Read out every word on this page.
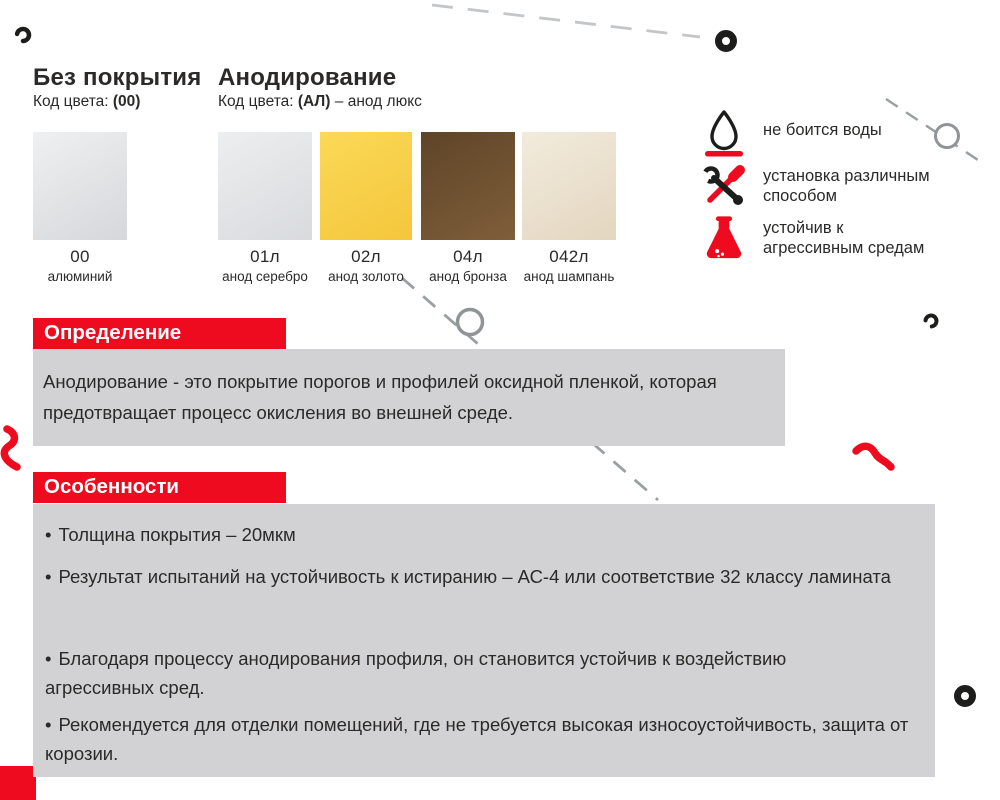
Без покрытия
Код цвета: (00)
Анодирование
Код цвета: (АЛ) – анод люкс
00
алюминий
01л
анод серебро
02л
анод золото
04л
анод бронза
042л
анод шампань
не боится воды
установка различным способом
устойчив к агрессивным средам
Определение
Анодирование - это покрытие порогов и профилей оксидной пленкой, которая предотвращает процесс окисления во внешней среде.
Особенности
• Толщина покрытия – 20мкм
• Результат испытаний на устойчивость к истиранию – АС-4 или соответствие 32 классу ламината
• Благодаря процессу анодирования профиля, он становится устойчив к воздействию агрессивных сред.
• Рекомендуется для отделки помещений, где не требуется высокая износоустойчивость, защита от корозии.
